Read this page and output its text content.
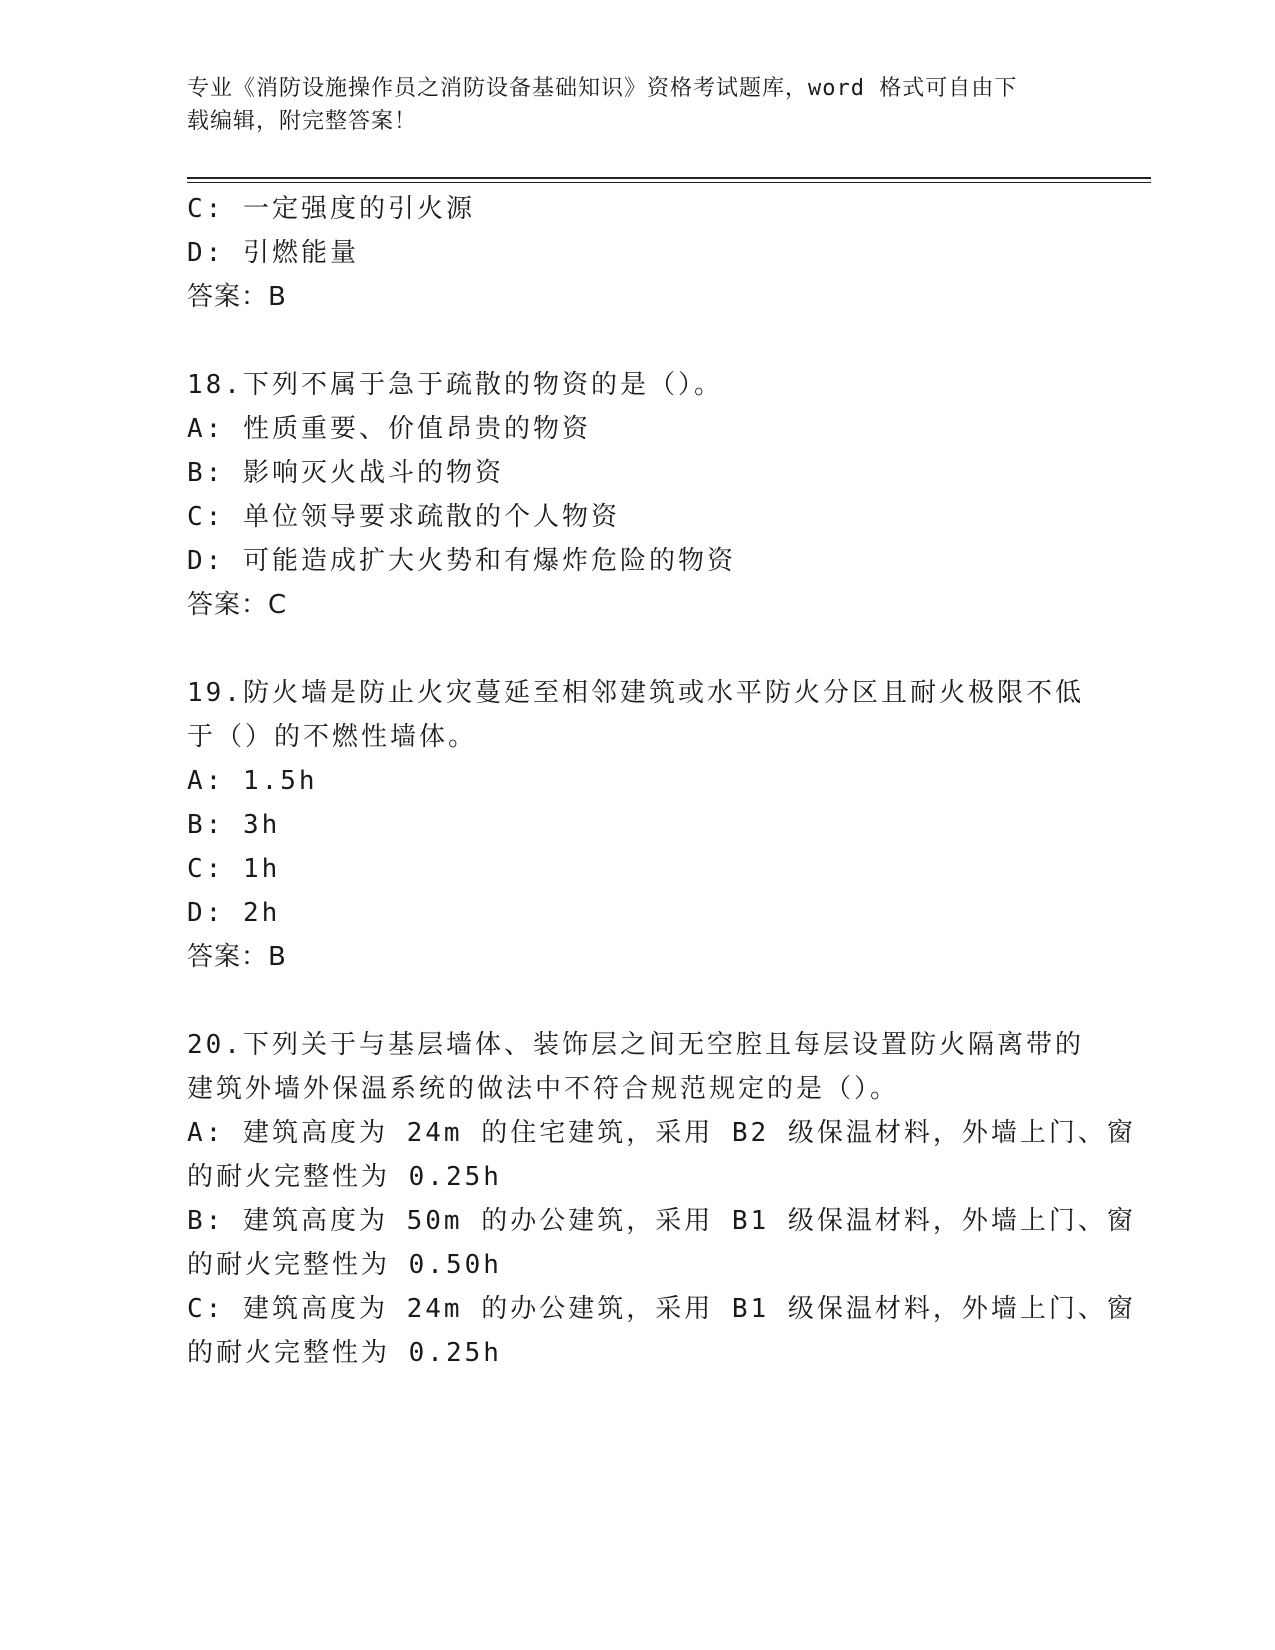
专业《消防设施操作员之消防设备基础知识》资格考试题库，word 格式可自由下
载编辑，附完整答案！
C: 一定强度的引火源
D: 引燃能量
答案：B
18.下列不属于急于疏散的物资的是（）。
A: 性质重要、价值昂贵的物资
B: 影响灭火战斗的物资
C: 单位领导要求疏散的个人物资
D: 可能造成扩大火势和有爆炸危险的物资
答案：C
19.防火墙是防止火灾蔓延至相邻建筑或水平防火分区且耐火极限不低
于（）的不燃性墙体。
A: 1.5h
B: 3h
C: 1h
D: 2h
答案：B
20.下列关于与基层墙体、装饰层之间无空腔且每层设置防火隔离带的
建筑外墙外保温系统的做法中不符合规范规定的是（）。
A: 建筑高度为 24m 的住宅建筑，采用 B2 级保温材料，外墙上门、窗
的耐火完整性为 0.25h
B: 建筑高度为 50m 的办公建筑，采用 B1 级保温材料，外墙上门、窗
的耐火完整性为 0.50h
C: 建筑高度为 24m 的办公建筑，采用 B1 级保温材料，外墙上门、窗
的耐火完整性为 0.25h
